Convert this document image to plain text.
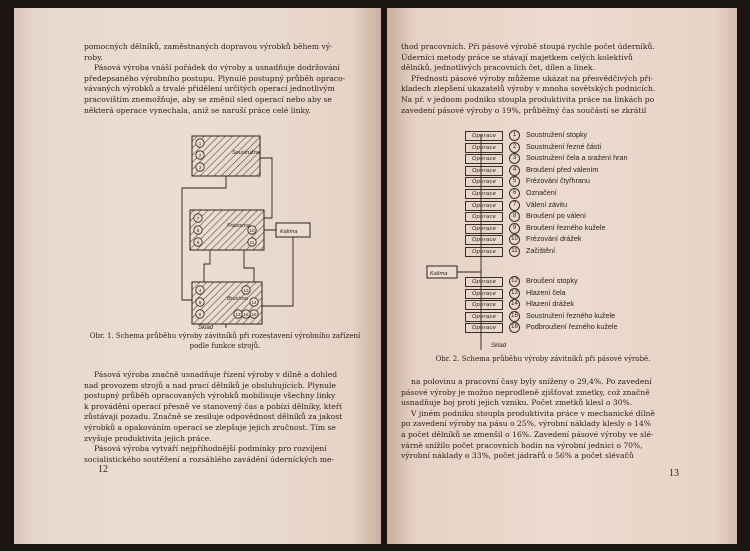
pomocných dělníků, zaměstnaných dopravou výrobků během vý-
roby.
Pásová výroba vnáší pořádek do výroby a usnadňuje dodržování
předepsaného výrobního postupu. Plynulé postupný průběh opraco-
vávaných výrobků a trvalé přidělení určitých operací jednotlivým
pracovištím znemožňuje, aby se změnil sled operací nebo aby se
některá operace vynechala, aniž se naruší práce celé linky.
1
2
3
7
8
9
10
11
4
5
6	12
13
14
15
16
Soustružna
Frézovna
Brusírna
Kalírna
Sklad
Obr. 1. Schema průběhu výroby závitníků při rozestavení výrobního zařízení
podle funkce strojů.
Pásová výroba značně usnadňuje řízení výroby v dílně a dohled
nad provozem strojů a nad prací dělníků je obsluhujících. Plynule
postupný průběh opracovaných výrobků mobilisuje všechny linky
k provádění operací přesně ve stanovený čas a pobízí dělníky, kteří
zůstávají pozadu. Značně se zesiluje odpovědnost dělníků za jakost
výrobků a opakováním operací se zlepšuje jejich zručnost. Tím se
zvyšuje produktivita jejich práce.
Pásová výroba vytváří nejpříhodnější podmínky pro rozvíjení
socialistického soutěžení a rozsáhlého zavádění úderníckých me-
12
thod pracovních. Při pásové výrobě stoupá rychle počet úderníků.
Úderníci metody práce se stávají majetkem celých kolektivů
dělníků, jednotlivých pracovních čet, dílen a linek.
Přednosti pásové výroby můžeme ukázat na přesvědčivých pří-
kladech zlepšení ukazatelů výroby v mnoha sovětských podnicích.
Na př. v jednom podniku stoupla produktivita práce na linkách po
zavedení pásové výroby o 19%, průběžný čas součástí se zkrátil
Operace	1	Soustružení stopky
Operace	2	Soustružení řezné části
Operace	3	Soustružení čela a sražení hran
Operace	4	Broušení před válením
Operace	5	Frézování čtyřhranu
Operace	6	Označení
Operace	7	Válení závitu
Operace	8	Broušení po válení
Operace	9	Broušení řezného kužele
Operace	10 Frézování drážek
Operace	11	Začištění
Operace	12 Broušení stopky
Operace	13 Hlazení čela
Operace	14 Hlazení drážek
Operace	15 Soustružení řezného kužele
Operace	16 Podbroušení řezného kužele
Kalírna
Sklad
Obr. 2. Schema průběhu výroby závitníků při pásové výrobě.
na polovinu a pracovní časy byly sníženy o 29,4%. Po zavedení
pásové výroby je možno neprodleně zjišťovat zmetky, což značně
usnadňuje boj proti jejich vzniku. Počet zmetků klesl o 30%.
V jiném podniku stoupla produktivita práce v mechanické dílně
po zavedení výroby na pásu o 25%, výrobní náklady klesly o 14%
a počet dělníků se zmenšil o 16%. Zavedení pásové výroby ve slé-
várně snížilo počet pracovních hodin na výrobní jednici o 70%,
výrobní náklady o 33%, počet jádrařů o 56% a počet slévačů
13
